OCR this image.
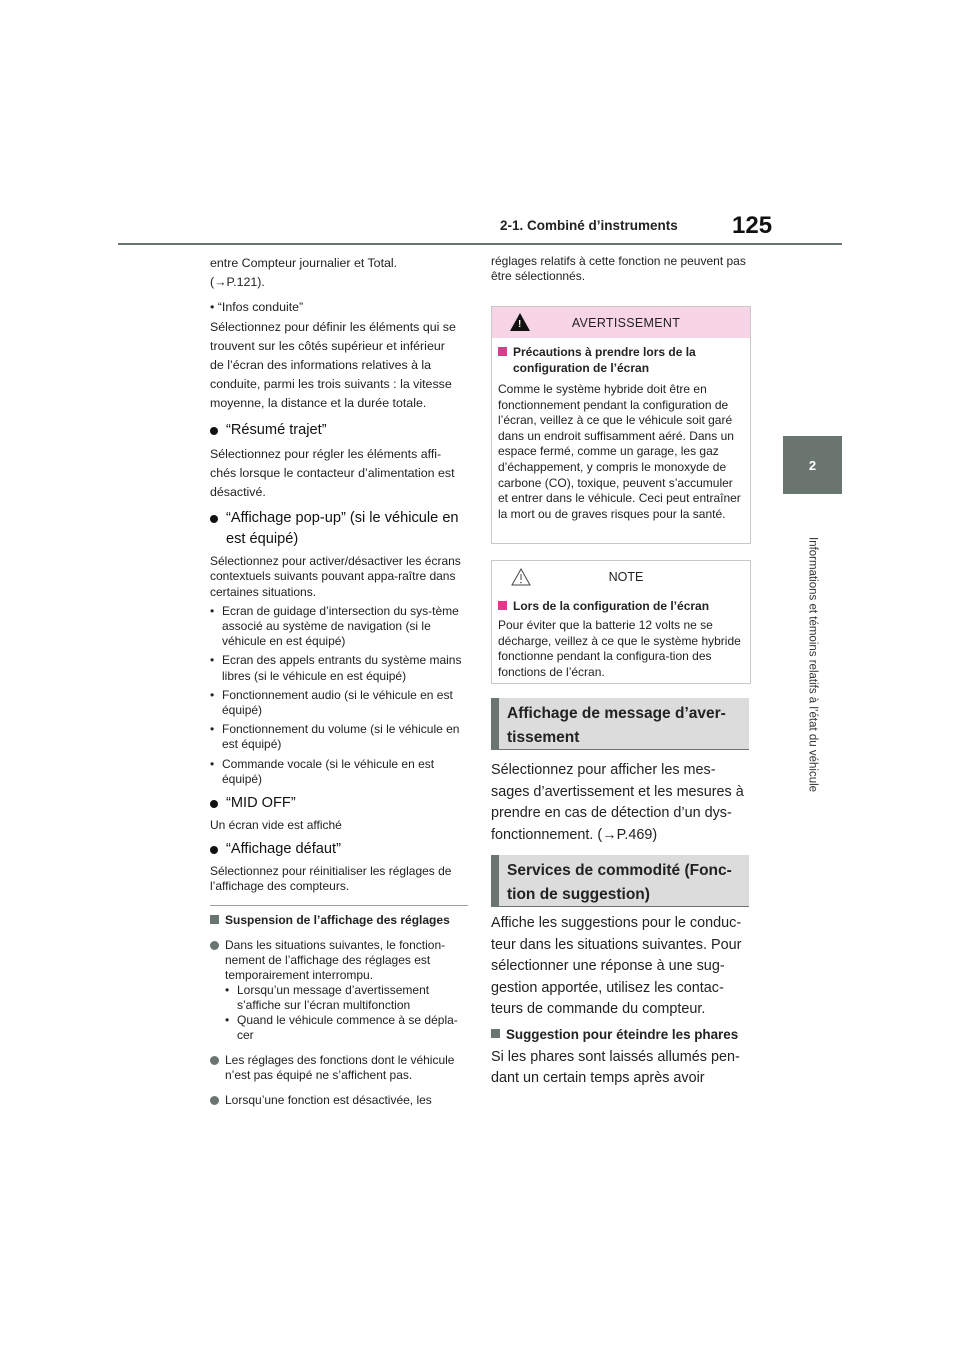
2-1. Combiné d’instruments	125
2
Informations et témoins relatifs à l’état du véhicule

entre Compteur journalier et Total.

(→P.121).

• “Infos conduite”

Sélectionnez pour définir les éléments qui se

trouvent sur les côtés supérieur et inférieur

de l’écran des informations relatives à la

conduite, parmi les trois suivants : la vitesse

moyenne, la distance et la durée totale.

“Résumé trajet”

Sélectionnez pour régler les éléments affi-

chés lorsque le contacteur d’alimentation est

désactivé.

“Affichage pop-up” (si le véhicule en est équipé)

Sélectionnez pour activer/désactiver les écrans contextuels suivants pouvant appa-raître dans certaines situations.

• Ecran de guidage d’intersection du sys-tème associé au système de navigation (si le véhicule en est équipé)
• Ecran des appels entrants du système mains libres (si le véhicule en est équipé)
• Fonctionnement audio (si le véhicule en est équipé)
• Fonctionnement du volume (si le véhicule en est équipé)
• Commande vocale (si le véhicule en est équipé)
“MID OFF”

Un écran vide est affiché

“Affichage défaut”

Sélectionnez pour réinitialiser les réglages de l’affichage des compteurs.

Suspension de l’affichage des réglages
Dans les situations suivantes, le fonction-nement de l’affichage des réglages est temporairement interrompu.
• Lorsqu’un message d’avertissement s’affiche sur l’écran multifonction
• Quand le véhicule commence à se dépla-cer
Les réglages des fonctions dont le véhicule n’est pas équipé ne s’affichent pas.
Lorsqu’une fonction est désactivée, les
réglages relatifs à cette fonction ne peuvent pas être sélectionnés.
!	AVERTISSEMENT
Précautions à prendre lors de la configuration de l’écran
Comme le système hybride doit être en fonctionnement pendant la configuration de l’écran, veillez à ce que le véhicule soit garé dans un endroit suffisamment aéré. Dans un espace fermé, comme un garage, les gaz d’échappement, y compris le monoxyde de carbone (CO), toxique, peuvent s’accumuler et entrer dans le véhicule. Ceci peut entraîner la mort ou de graves risques pour la santé.
NOTE
Lors de la configuration de l’écran
Pour éviter que la batterie 12 volts ne se décharge, veillez à ce que le système hybride fonctionne pendant la configura-tion des fonctions de l’écran.
Affichage de message d’aver-tissement
Sélectionnez pour afficher les mes-sages d’avertissement et les mesures à prendre en cas de détection d’un dys-fonctionnement. (→P.469)
Services de commodité (Fonc-tion de suggestion)
Affiche les suggestions pour le conduc-teur dans les situations suivantes. Pour sélectionner une réponse à une sug-gestion apportée, utilisez les contac-teurs de commande du compteur.
Suggestion pour éteindre les phares
Si les phares sont laissés allumés pen-dant un certain temps après avoir
